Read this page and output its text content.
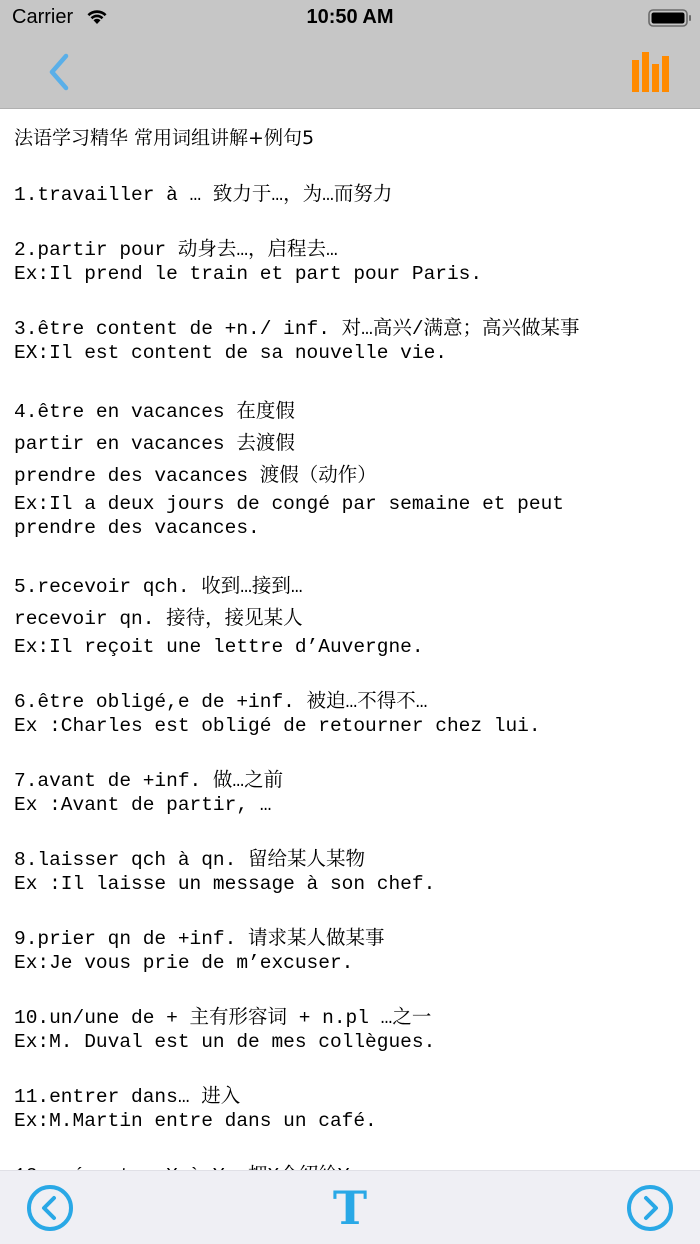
Carrier	10:50 AM
法语学习精华 常用词组讲解+例句5
1.travailler à … 致力于…，为…而努力
2.partir pour 动身去…，启程去…
Ex:Il prend le train et part pour Paris.
3.être content de +n./ inf. 对…高兴/满意；高兴做某事
EX:Il est content de sa nouvelle vie.
4.être en vacances 在度假
partir en vacances 去渡假
prendre des vacances 渡假（动作）
Ex:Il a deux jours de congé par semaine et peut
prendre des vacances.
5.recevoir qch. 收到…接到…
recevoir qn. 接待，接见某人
Ex:Il reçoit une lettre d’Auvergne.
6.être obligé,e de +inf. 被迫…不得不…
Ex :Charles est obligé de retourner chez lui.
7.avant de +inf. 做…之前
Ex :Avant de partir, …
8.laisser qch à qn. 留给某人某物
Ex :Il laisse un message à son chef.
9.prier qn de +inf. 请求某人做某事
Ex:Je vous prie de m’excuser.
10.un/une de + 主有形容词 + n.pl …之一
Ex:M. Duval est un de mes collègues.
11.entrer dans… 进入
Ex:M.Martin entre dans un café.
T
